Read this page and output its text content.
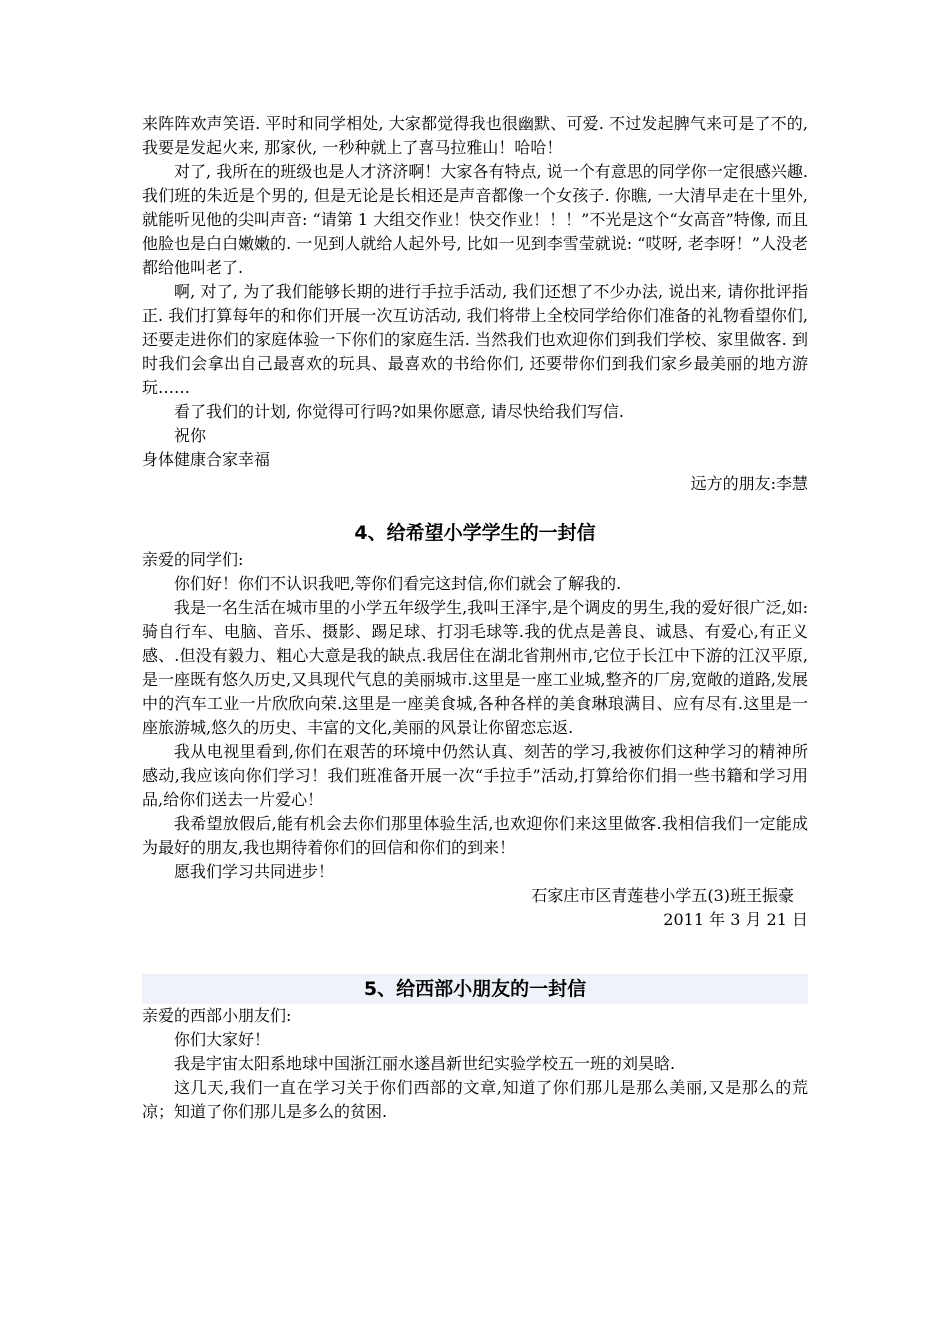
来阵阵欢声笑语. 平时和同学相处, 大家都觉得我也很幽默、可爱. 不过发起脾气来可是了不的, 我要是发起火来, 那家伙, 一秒种就上了喜马拉雅山！哈哈！

对了, 我所在的班级也是人才济济啊！大家各有特点, 说一个有意思的同学你一定很感兴趣. 我们班的朱近是个男的, 但是无论是长相还是声音都像一个女孩子. 你瞧, 一大清早走在十里外, 就能听见他的尖叫声音: “请第 1 大组交作业！快交作业！！！”不光是这个“女高音”特像, 而且他脸也是白白嫩嫩的. 一见到人就给人起外号, 比如一见到李雪莹就说: “哎呀, 老李呀！”人没老都给他叫老了.

啊, 对了, 为了我们能够长期的进行手拉手活动, 我们还想了不少办法, 说出来, 请你批评指正. 我们打算每年的和你们开展一次互访活动, 我们将带上全校同学给你们准备的礼物看望你们, 还要走进你们的家庭体验一下你们的家庭生活. 当然我们也欢迎你们到我们学校、家里做客. 到时我们会拿出自己最喜欢的玩具、最喜欢的书给你们, 还要带你们到我们家乡最美丽的地方游玩……

看了我们的计划, 你觉得可行吗?如果你愿意, 请尽快给我们写信.

祝你

身体健康合家幸福

远方的朋友:李慧

4、给希望小学学生的一封信

亲爱的同学们:

你们好！你们不认识我吧,等你们看完这封信,你们就会了解我的.

我是一名生活在城市里的小学五年级学生,我叫王泽宇,是个调皮的男生,我的爱好很广泛,如:骑自行车、电脑、音乐、摄影、踢足球、打羽毛球等.我的优点是善良、诚恳、有爱心,有正义感、.但没有毅力、粗心大意是我的缺点.我居住在湖北省荆州市,它位于长江中下游的江汉平原,是一座既有悠久历史,又具现代气息的美丽城市.这里是一座工业城,整齐的厂房,宽敞的道路,发展中的汽车工业一片欣欣向荣.这里是一座美食城,各种各样的美食琳琅满目、应有尽有.这里是一座旅游城,悠久的历史、丰富的文化,美丽的风景让你留恋忘返.

我从电视里看到,你们在艰苦的环境中仍然认真、刻苦的学习,我被你们这种学习的精神所感动,我应该向你们学习！我们班准备开展一次“手拉手”活动,打算给你们捐一些书籍和学习用品,给你们送去一片爱心！

我希望放假后,能有机会去你们那里体验生活,也欢迎你们来这里做客.我相信我们一定能成为最好的朋友,我也期待着你们的回信和你们的到来！

愿我们学习共同进步！

石家庄市区青莲巷小学五(3)班王振豪

2011 年 3 月 21 日

5、给西部小朋友的一封信

亲爱的西部小朋友们:

你们大家好！

我是宇宙太阳系地球中国浙江丽水遂昌新世纪实验学校五一班的刘昊晗.

这几天,我们一直在学习关于你们西部的文章,知道了你们那儿是那么美丽,又是那么的荒凉；知道了你们那儿是多么的贫困.
